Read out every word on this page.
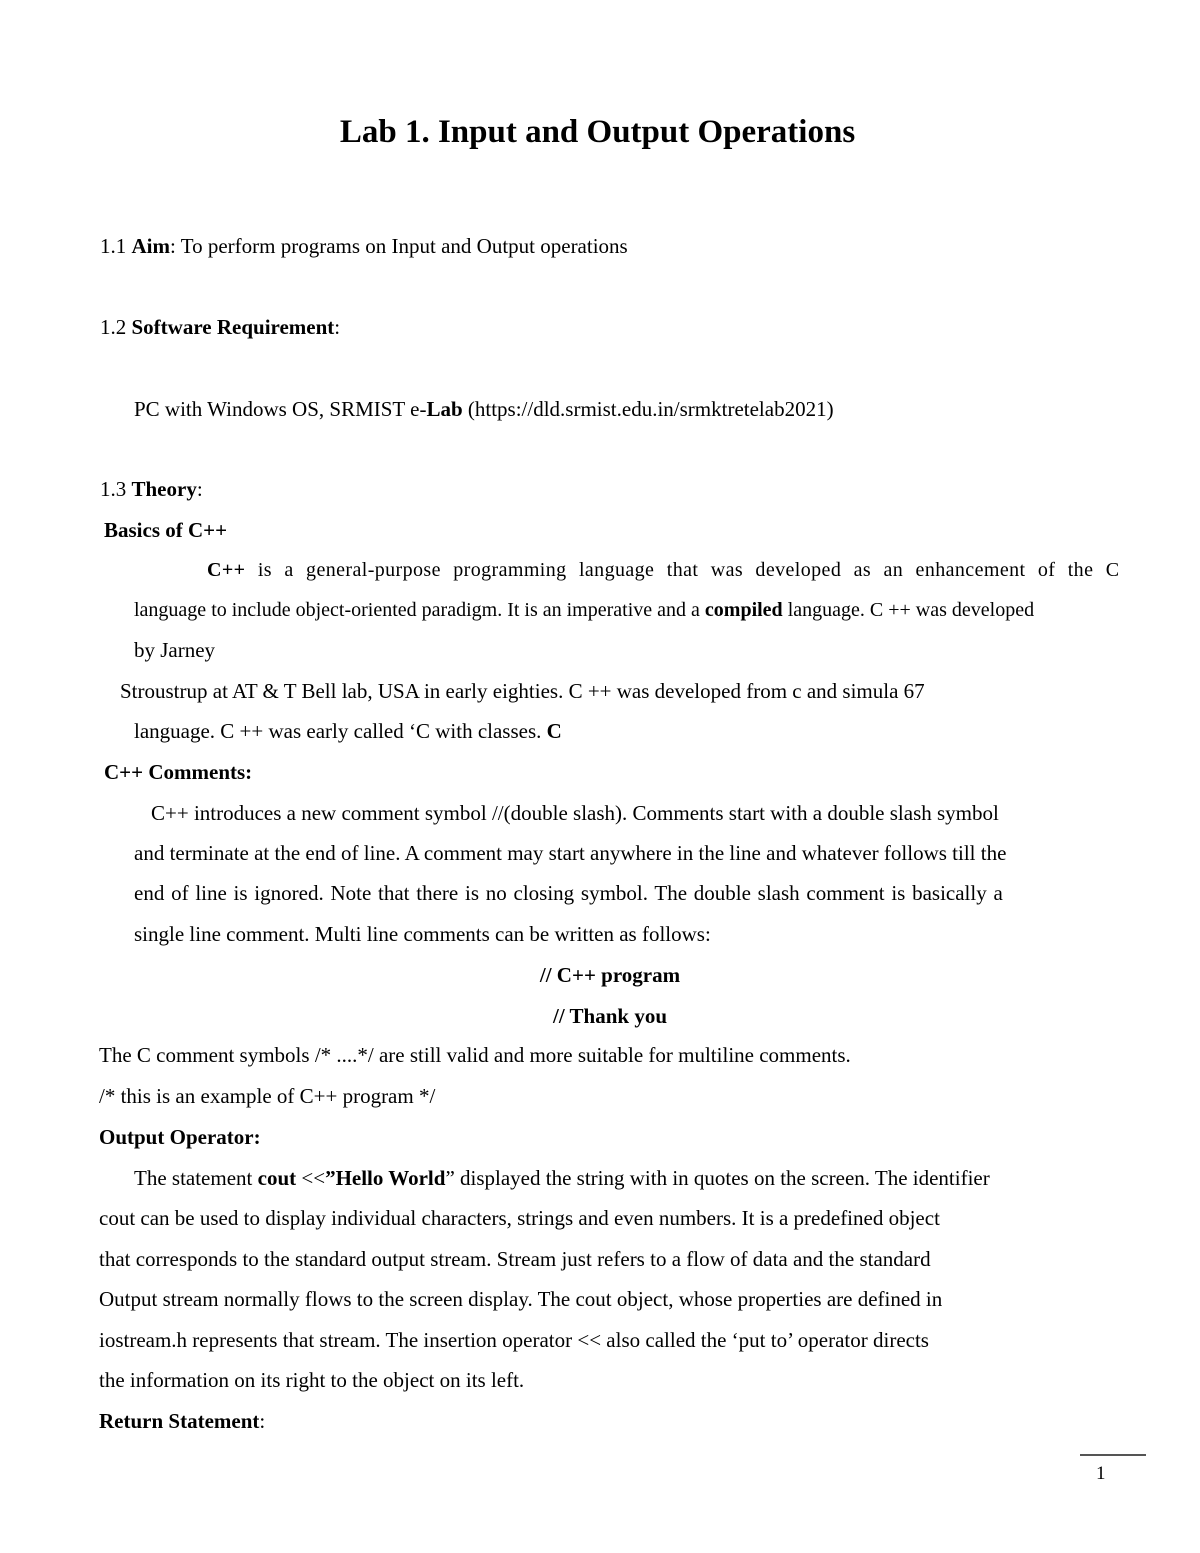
Lab 1. Input and Output Operations
1.1 Aim: To perform programs on Input and Output operations
1.2 Software Requirement:
PC with Windows OS, SRMIST e-Lab (https://dld.srmist.edu.in/srmktretelab2021)
1.3 Theory:
Basics of C++
C++ is a general-purpose programming language that was developed as an enhancement of the C
language to include object-oriented paradigm. It is an imperative and a compiled language. C ++ was developed
by Jarney
Stroustrup at AT & T Bell lab, USA in early eighties. C ++ was developed from c and simula 67
language. C ++ was early called ‘C with classes. C
C++ Comments:
C++ introduces a new comment symbol //(double slash). Comments start with a double slash symbol
and terminate at the end of line. A comment may start anywhere in the line and whatever follows till the
end of line is ignored. Note that there is no closing symbol. The double slash comment is basically a
single line comment. Multi line comments can be written as follows:
// C++ program
// Thank you
The C comment symbols /* ....*/ are still valid and more suitable for multiline comments.
/* this is an example of C++ program */
Output Operator:
The statement cout <<”Hello World” displayed the string with in quotes on the screen. The identifier
cout can be used to display individual characters, strings and even numbers. It is a predefined object
that corresponds to the standard output stream. Stream just refers to a flow of data and the standard
Output stream normally flows to the screen display. The cout object, whose properties are defined in
iostream.h represents that stream. The insertion operator << also called the ‘put to’ operator directs
the information on its right to the object on its left.
Return Statement:
1
